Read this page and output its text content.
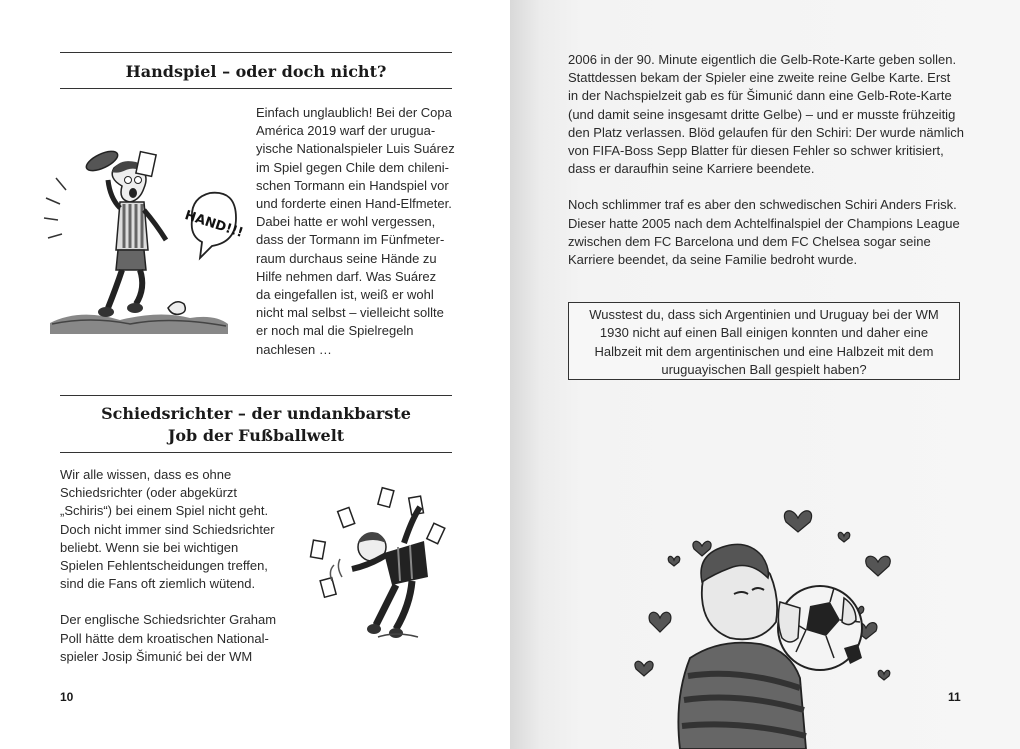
Handspiel – oder doch nicht?
HAND!!!

Einfach unglaublich! Bei der Copa
América 2019 warf der urugua-
yische Nationalspieler Luis Suárez
im Spiel gegen Chile dem chileni-
schen Tormann ein Handspiel vor
und forderte einen Hand-Elfmeter.
Dabei hatte er wohl vergessen,
dass der Tormann im Fünfmeter-
raum durchaus seine Hände zu
Hilfe nehmen darf. Was Suárez
da eingefallen ist, weiß er wohl
nicht mal selbst – vielleicht sollte
er noch mal die Spielregeln
nachlesen …

Schiedsrichter – der undankbarste
Job der Fußballwelt

Wir alle wissen, dass es ohne
Schiedsrichter (oder abgekürzt
„Schiris“) bei einem Spiel nicht geht.
Doch nicht immer sind Schiedsrichter
beliebt. Wenn sie bei wichtigen
Spielen Fehlentscheidungen treffen,
sind die Fans oft ziemlich wütend.

Der englische Schiedsrichter Graham
Poll hätte dem kroatischen National-
spieler Josip Šimunić bei der WM

10

2006 in der 90. Minute eigentlich die Gelb-Rote-Karte geben sollen.
Stattdessen bekam der Spieler eine zweite reine Gelbe Karte. Erst
in der Nachspielzeit gab es für Šimunić dann eine Gelb-Rote-Karte
(und damit seine insgesamt dritte Gelbe) – und er musste frühzeitig
den Platz verlassen. Blöd gelaufen für den Schiri: Der wurde nämlich
von FIFA-Boss Sepp Blatter für diesen Fehler so schwer kritisiert,
dass er daraufhin seine Karriere beendete.

Noch schlimmer traf es aber den schwedischen Schiri Anders Frisk.
Dieser hatte 2005 nach dem Achtelfinalspiel der Champions League
zwischen dem FC Barcelona und dem FC Chelsea sogar seine
Karriere beendet, da seine Familie bedroht wurde.

Wusstest du, dass sich Argentinien und Uruguay bei der WM
1930 nicht auf einen Ball einigen konnten und daher eine
Halbzeit mit dem argentinischen und eine Halbzeit mit dem
uruguayischen Ball gespielt haben?
11
